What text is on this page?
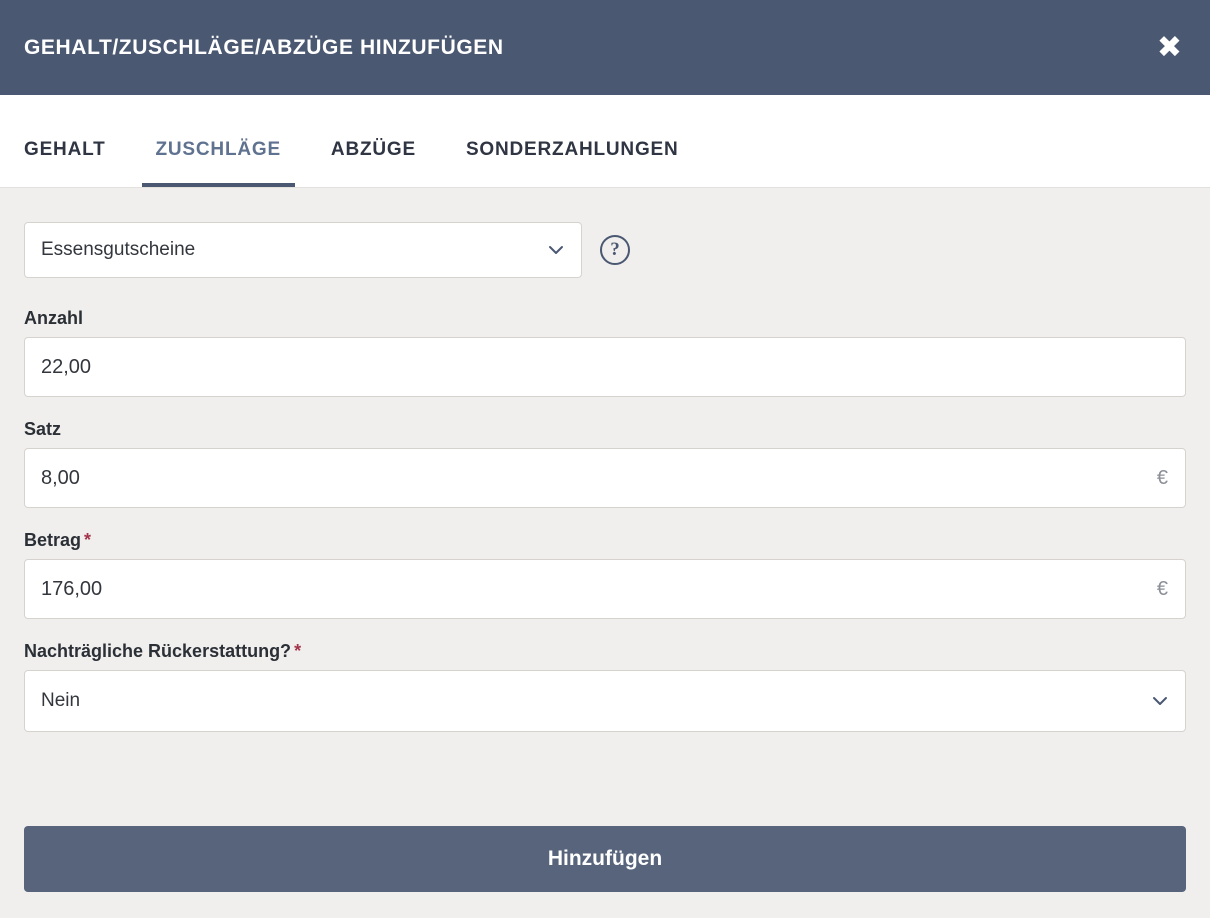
GEHALT/ZUSCHLÄGE/ABZÜGE HINZUFÜGEN	✖
GEHALT	ZUSCHLÄGE	ABZÜGE	SONDERZAHLUNGEN
Essensgutscheine	?
Anzahl
22,00
Satz
8,00
€
Betrag *
176,00
€
Nachträgliche Rückerstattung? *
Nein
Hinzufügen
